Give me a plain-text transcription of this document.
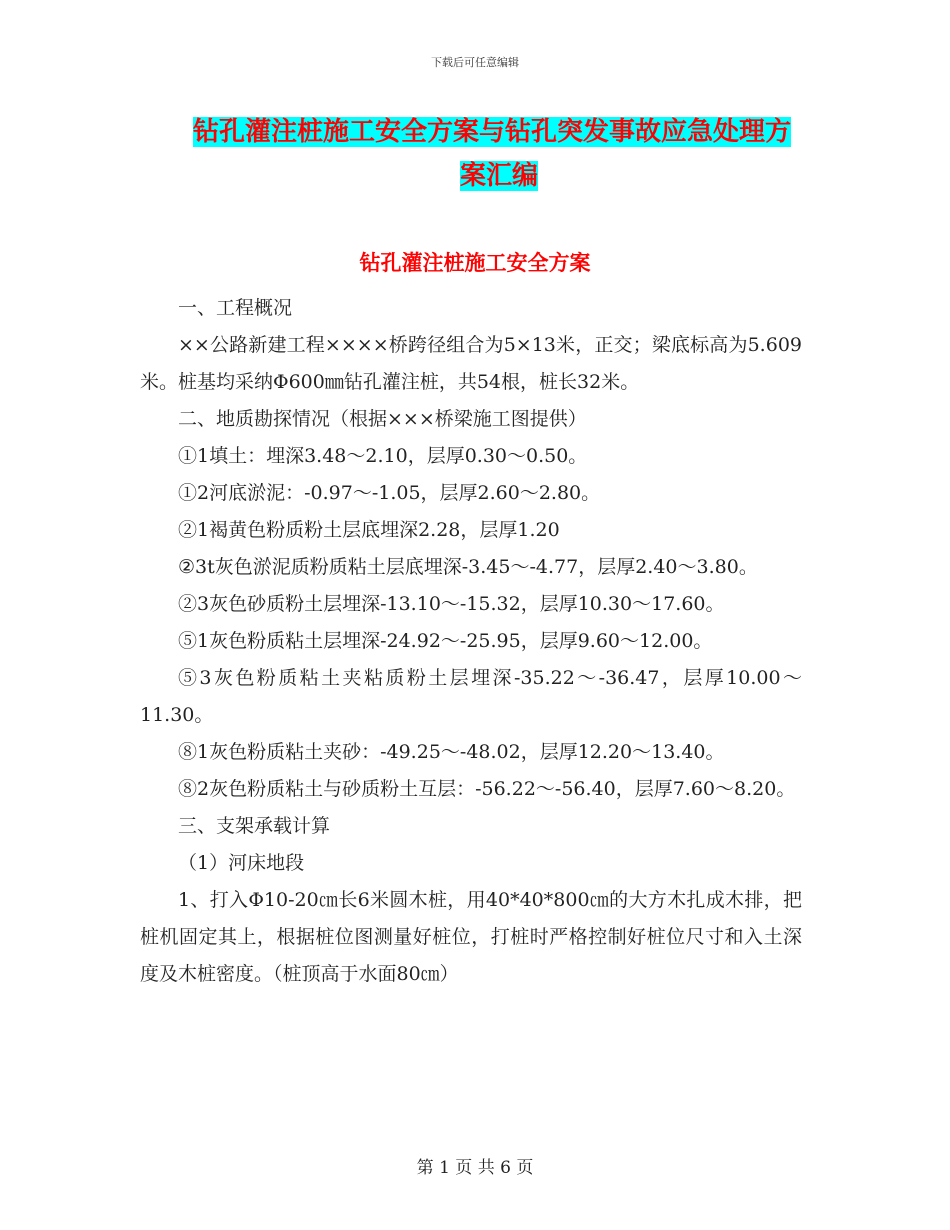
下载后可任意编辑
钻孔灌注桩施工安全方案与钻孔突发事故应急处理方
案汇编
钻孔灌注桩施工安全方案

一、工程概况

××公路新建工程××××桥跨径组合为5×13米，正交；梁底标高为5.609米。桩基均采纳Φ600㎜钻孔灌注桩，共54根，桩长32米。

二、地质勘探情况（根据×××桥梁施工图提供）

①1填土：埋深3.48～2.10，层厚0.30～0.50。

①2河底淤泥：-0.97～-1.05，层厚2.60～2.80。

②1褐黄色粉质粉土层底埋深2.28，层厚1.20

②3t灰色淤泥质粉质粘土层底埋深-3.45～-4.77，层厚2.40～3.80。

②3灰色砂质粉土层埋深-13.10～-15.32，层厚10.30～17.60。

⑤1灰色粉质粘土层埋深-24.92～-25.95，层厚9.60～12.00。

⑤3灰色粉质粘土夹粘质粉土层埋深-35.22～-36.47，层厚10.00～11.30。

⑧1灰色粉质粘土夹砂：-49.25～-48.02，层厚12.20～13.40。

⑧2灰色粉质粘土与砂质粉土互层：-56.22～-56.40，层厚7.60～8.20。

三、支架承载计算

（1）河床地段

1、打入Φ10-20㎝长6米圆木桩，用40*40*800㎝的大方木扎成木排，把桩机固定其上，根据桩位图测量好桩位，打桩时严格控制好桩位尺寸和入土深度及木桩密度。（桩顶高于水面80㎝）

第 1 页 共 6 页
